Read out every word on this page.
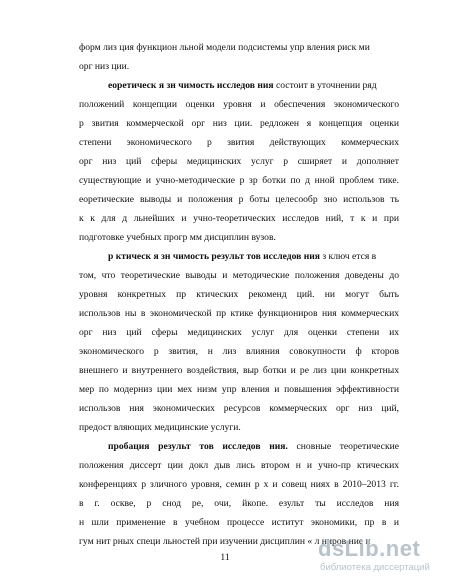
форм лиз ция функцион льной модели подсистемы упр вления риск ми
орг низ ции.
еоретическ я зн чимость исследов ния состоит в уточнении ряд
положений концепции оценки уровня и обеспечения экономического
р звития коммерческой орг низ ции. редложен я концепция оценки
степени экономического р звития действующих коммерческих
орг низ ций сферы медицинских услуг р сширяет и дополняет
существующие и учно-методические р зр ботки по д нной проблем тике.
еоретические выводы и положения р боты целесообр зно использов ть
к к для д льнейших и учно-теоретических исследов ний, т к и при
подготовке учебных прогр мм дисциплин вузов.
р ктическ я зн чимость результ тов исследов ния з ключ ется в
том, что теоретические выводы и методические положения доведены до
уровня конкретных пр ктических рекоменд ций. ни могут быть
использов ны в экономической пр ктике функциониров ния коммерческих
орг низ ций сферы медицинских услуг для оценки степени их
экономического р звития, н лиз влияния совокупности ф кторов
внешнего и внутреннего воздействия, выр ботки и ре лиз ции конкретных
мер по модерниз ции мех низм упр вления и повышения эффективности
использов ния экономических ресурсов коммерческих орг низ ций,
предост вляющих медицинские услуги.
пробация результ тов исследов ния. сновные теоретические
положения диссерт ции докл дыв лись втором н и учно-пр ктических
конференциях р зличного уровня, семин р х и совещ ниях в 2010–2013 гг.
в г. оскве, р снод ре, очи, йкопе. езульт ты исследов ния
н шли применение в учебном процессе иститут экономики, пр в и
гум нит рных специ льностей при изучении дисциплин « л ниров ние и
11	dsLib.net
библиотека диссертаций
